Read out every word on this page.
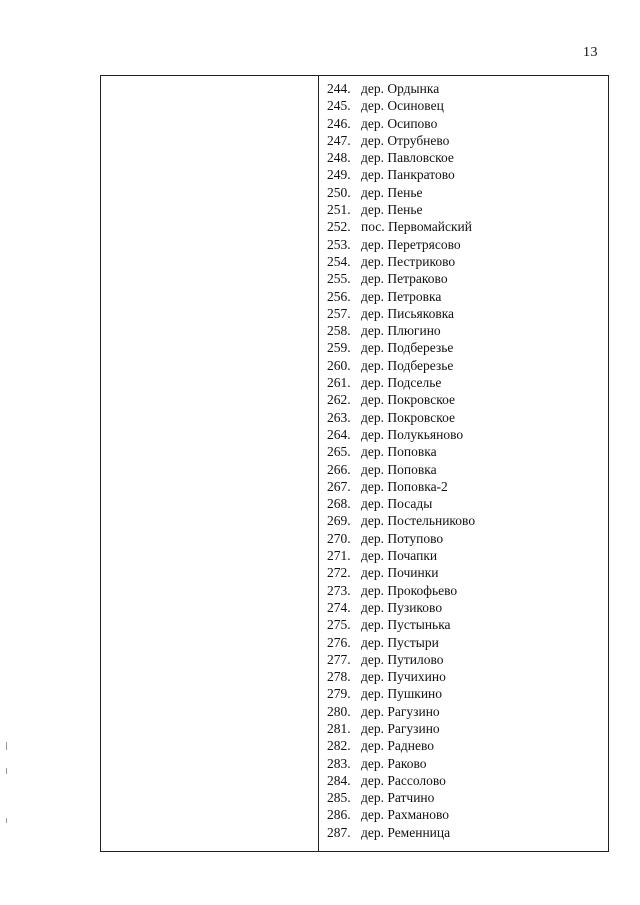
13
244. дер. Ордынка
245. дер. Осиновец
246. дер. Осипово
247. дер. Отрубнево
248. дер. Павловское
249. дер. Панкратово
250. дер. Пенье
251. дер. Пенье
252. пос. Первомайский
253. дер. Перетрясово
254. дер. Пестриково
255. дер. Петраково
256. дер. Петровка
257. дер. Письяковка
258. дер. Плюгино
259. дер. Подберезье
260. дер. Подберезье
261. дер. Подселье
262. дер. Покровское
263. дер. Покровское
264. дер. Полукьяново
265. дер. Поповка
266. дер. Поповка
267. дер. Поповка-2
268. дер. Посады
269. дер. Постельниково
270. дер. Потупово
271. дер. Почапки
272. дер. Починки
273. дер. Прокофьево
274. дер. Пузиково
275. дер. Пустынька
276. дер. Пустыри
277. дер. Путилово
278. дер. Пучихино
279. дер. Пушкино
280. дер. Рагузино
281. дер. Рагузино
282. дер. Раднево
283. дер. Раково
284. дер. Рассолово
285. дер. Ратчино
286. дер. Рахманово
287. дер. Ременница
